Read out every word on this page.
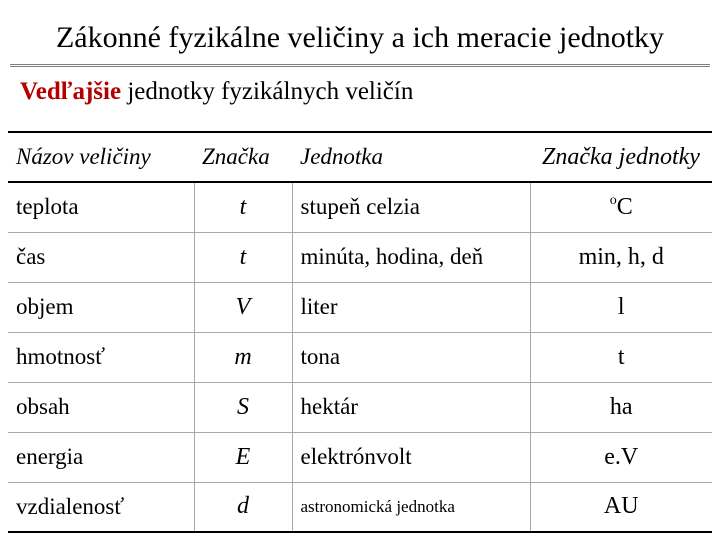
Zákonné fyzikálne veličiny a ich meracie jednotky
Vedľajšie jednotky fyzikálnych veličín
Názov veličiny	Značka	Jednotka	Značka jednotky
teplota	t	stupeň celzia	$^o$C
čas	t	minúta, hodina, deň	min, h, d
objem	V	liter	l
hmotnosť	m	tona	t
obsah	S	hektár	ha
energia	E	elektrónvolt	e.V
vzdialenosť	d	astronomická jednotka	AU
